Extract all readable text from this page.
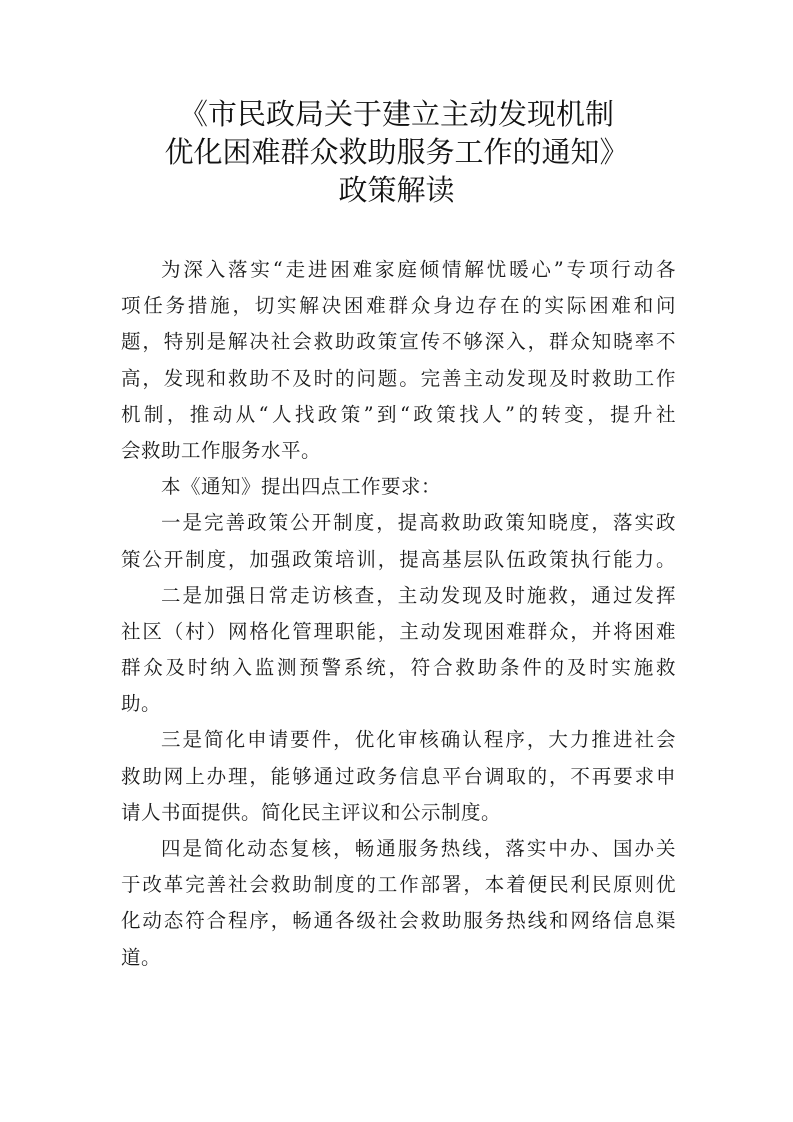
《市民政局关于建立主动发现机制
优化困难群众救助服务工作的通知》
政策解读
为深入落实“走进困难家庭倾情解忧暖心”专项行动各
项任务措施，切实解决困难群众身边存在的实际困难和问
题，特别是解决社会救助政策宣传不够深入，群众知晓率不
高，发现和救助不及时的问题。完善主动发现及时救助工作
机制，推动从“人找政策”到“政策找人”的转变，提升社
会救助工作服务水平。
本《通知》提出四点工作要求：
一是完善政策公开制度，提高救助政策知晓度，落实政
策公开制度，加强政策培训，提高基层队伍政策执行能力。
二是加强日常走访核查，主动发现及时施救，通过发挥
社区（村）网格化管理职能，主动发现困难群众，并将困难
群众及时纳入监测预警系统，符合救助条件的及时实施救
助。
三是简化申请要件，优化审核确认程序，大力推进社会
救助网上办理，能够通过政务信息平台调取的，不再要求申
请人书面提供。简化民主评议和公示制度。
四是简化动态复核，畅通服务热线，落实中办、国办关
于改革完善社会救助制度的工作部署，本着便民利民原则优
化动态符合程序，畅通各级社会救助服务热线和网络信息渠
道。
